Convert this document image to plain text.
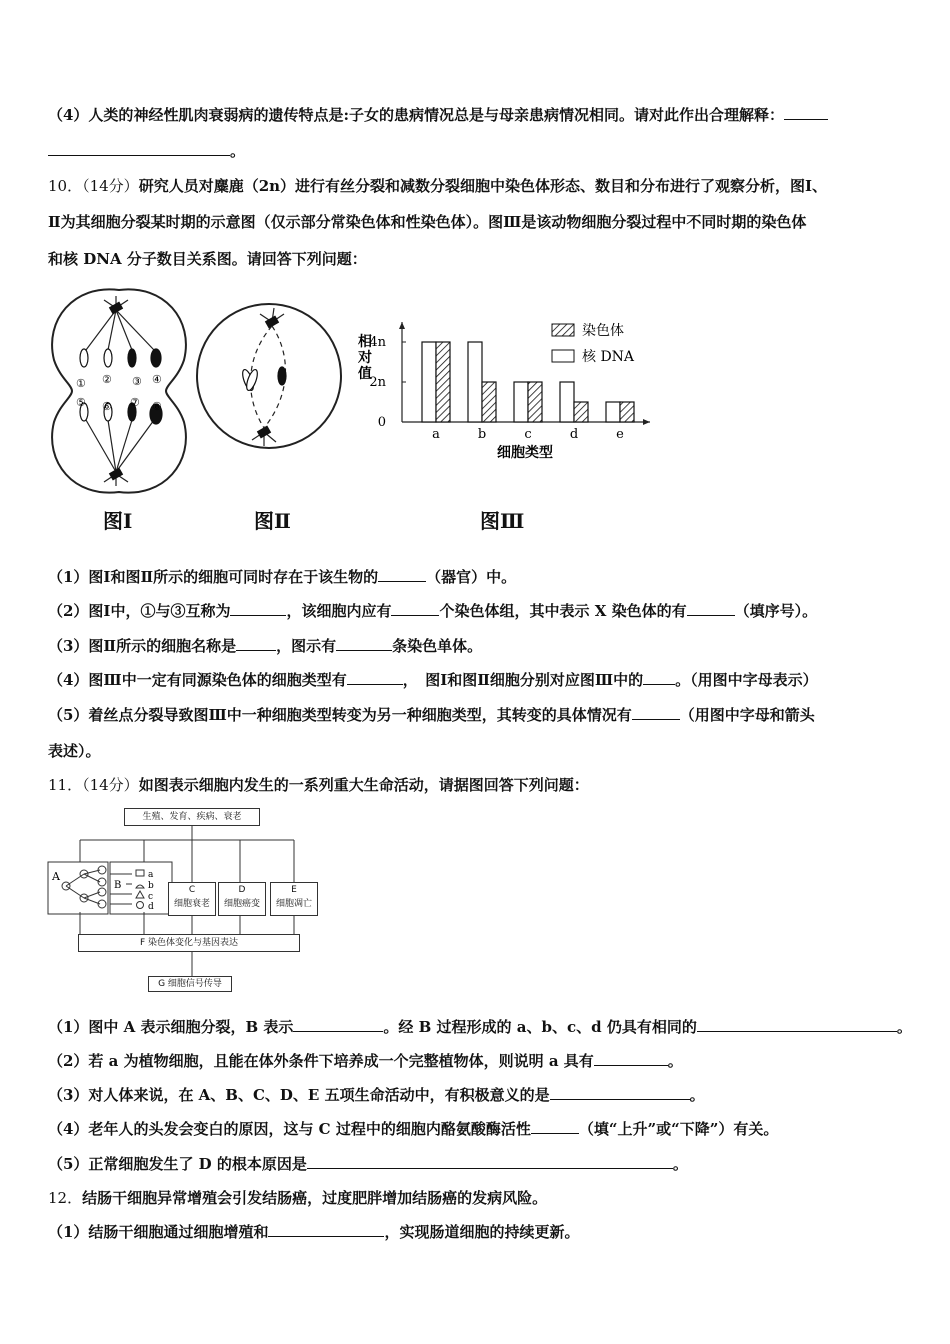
（4）人类的神经性肌肉衰弱病的遗传特点是:子女的患病情况总是与母亲患病情况相同。请对此作出合理解释：
。
10．（14分）研究人员对麋鹿（2n）进行有丝分裂和减数分裂细胞中染色体形态、数目和分布进行了观察分析，图Ⅰ、
Ⅱ为其细胞分裂某时期的示意图（仅示部分常染色体和性染色体）。图Ⅲ是该动物细胞分裂过程中不同时期的染色体
和核 DNA 分子数目关系图。请回答下列问题：
① ② ③ ④
⑤ ⑥ ⑦ ⑧
图Ⅰ	图Ⅱ
0
2n
4n
相
对
值
a	b	c	d	e
细胞类型
染色体
核 DNA
图Ⅲ
（1）图Ⅰ和图Ⅱ所示的细胞可同时存在于该生物的	（器官）中。
（2）图Ⅰ中，①与③互称为	，该细胞内应有	个染色体组，其中表示 X 染色体的有	（填序号）。
（3）图Ⅱ所示的细胞名称是	，图示有	条染色单体。
（4）图Ⅲ中一定有同源染色体的细胞类型有	，　图Ⅰ和图Ⅱ细胞分别对应图Ⅲ中的 。（用图中字母表示）
（5）着丝点分裂导致图Ⅲ中一种细胞类型转变为另一种细胞类型，其转变的具体情况有	（用图中字母和箭头
表述）。
11．（14分）如图表示细胞内发生的一系列重大生命活动，请据图回答下列问题：
A
B
a
b
c
d
生殖、发育、疾病、衰老
C
细胞衰老
D
细胞癌变
E
细胞凋亡
F 染色体变化与基因表达
G 细胞信号传导
（1）图中 A 表示细胞分裂，B 表示	。经 B 过程形成的 a、b、c、d 仍具有相同的	。
（2）若 a 为植物细胞，且能在体外条件下培养成一个完整植物体，则说明 a 具有	。
（3）对人体来说，在 A、B、C、D、E 五项生命活动中，有积极意义的是	。
（4）老年人的头发会变白的原因，这与 C 过程中的细胞内酪氨酸酶活性	（填“上升”或“下降”）有关。
（5）正常细胞发生了 D 的根本原因是	。
12．结肠干细胞异常增殖会引发结肠癌，过度肥胖增加结肠癌的发病风险。
（1）结肠干细胞通过细胞增殖和	，实现肠道细胞的持续更新。
